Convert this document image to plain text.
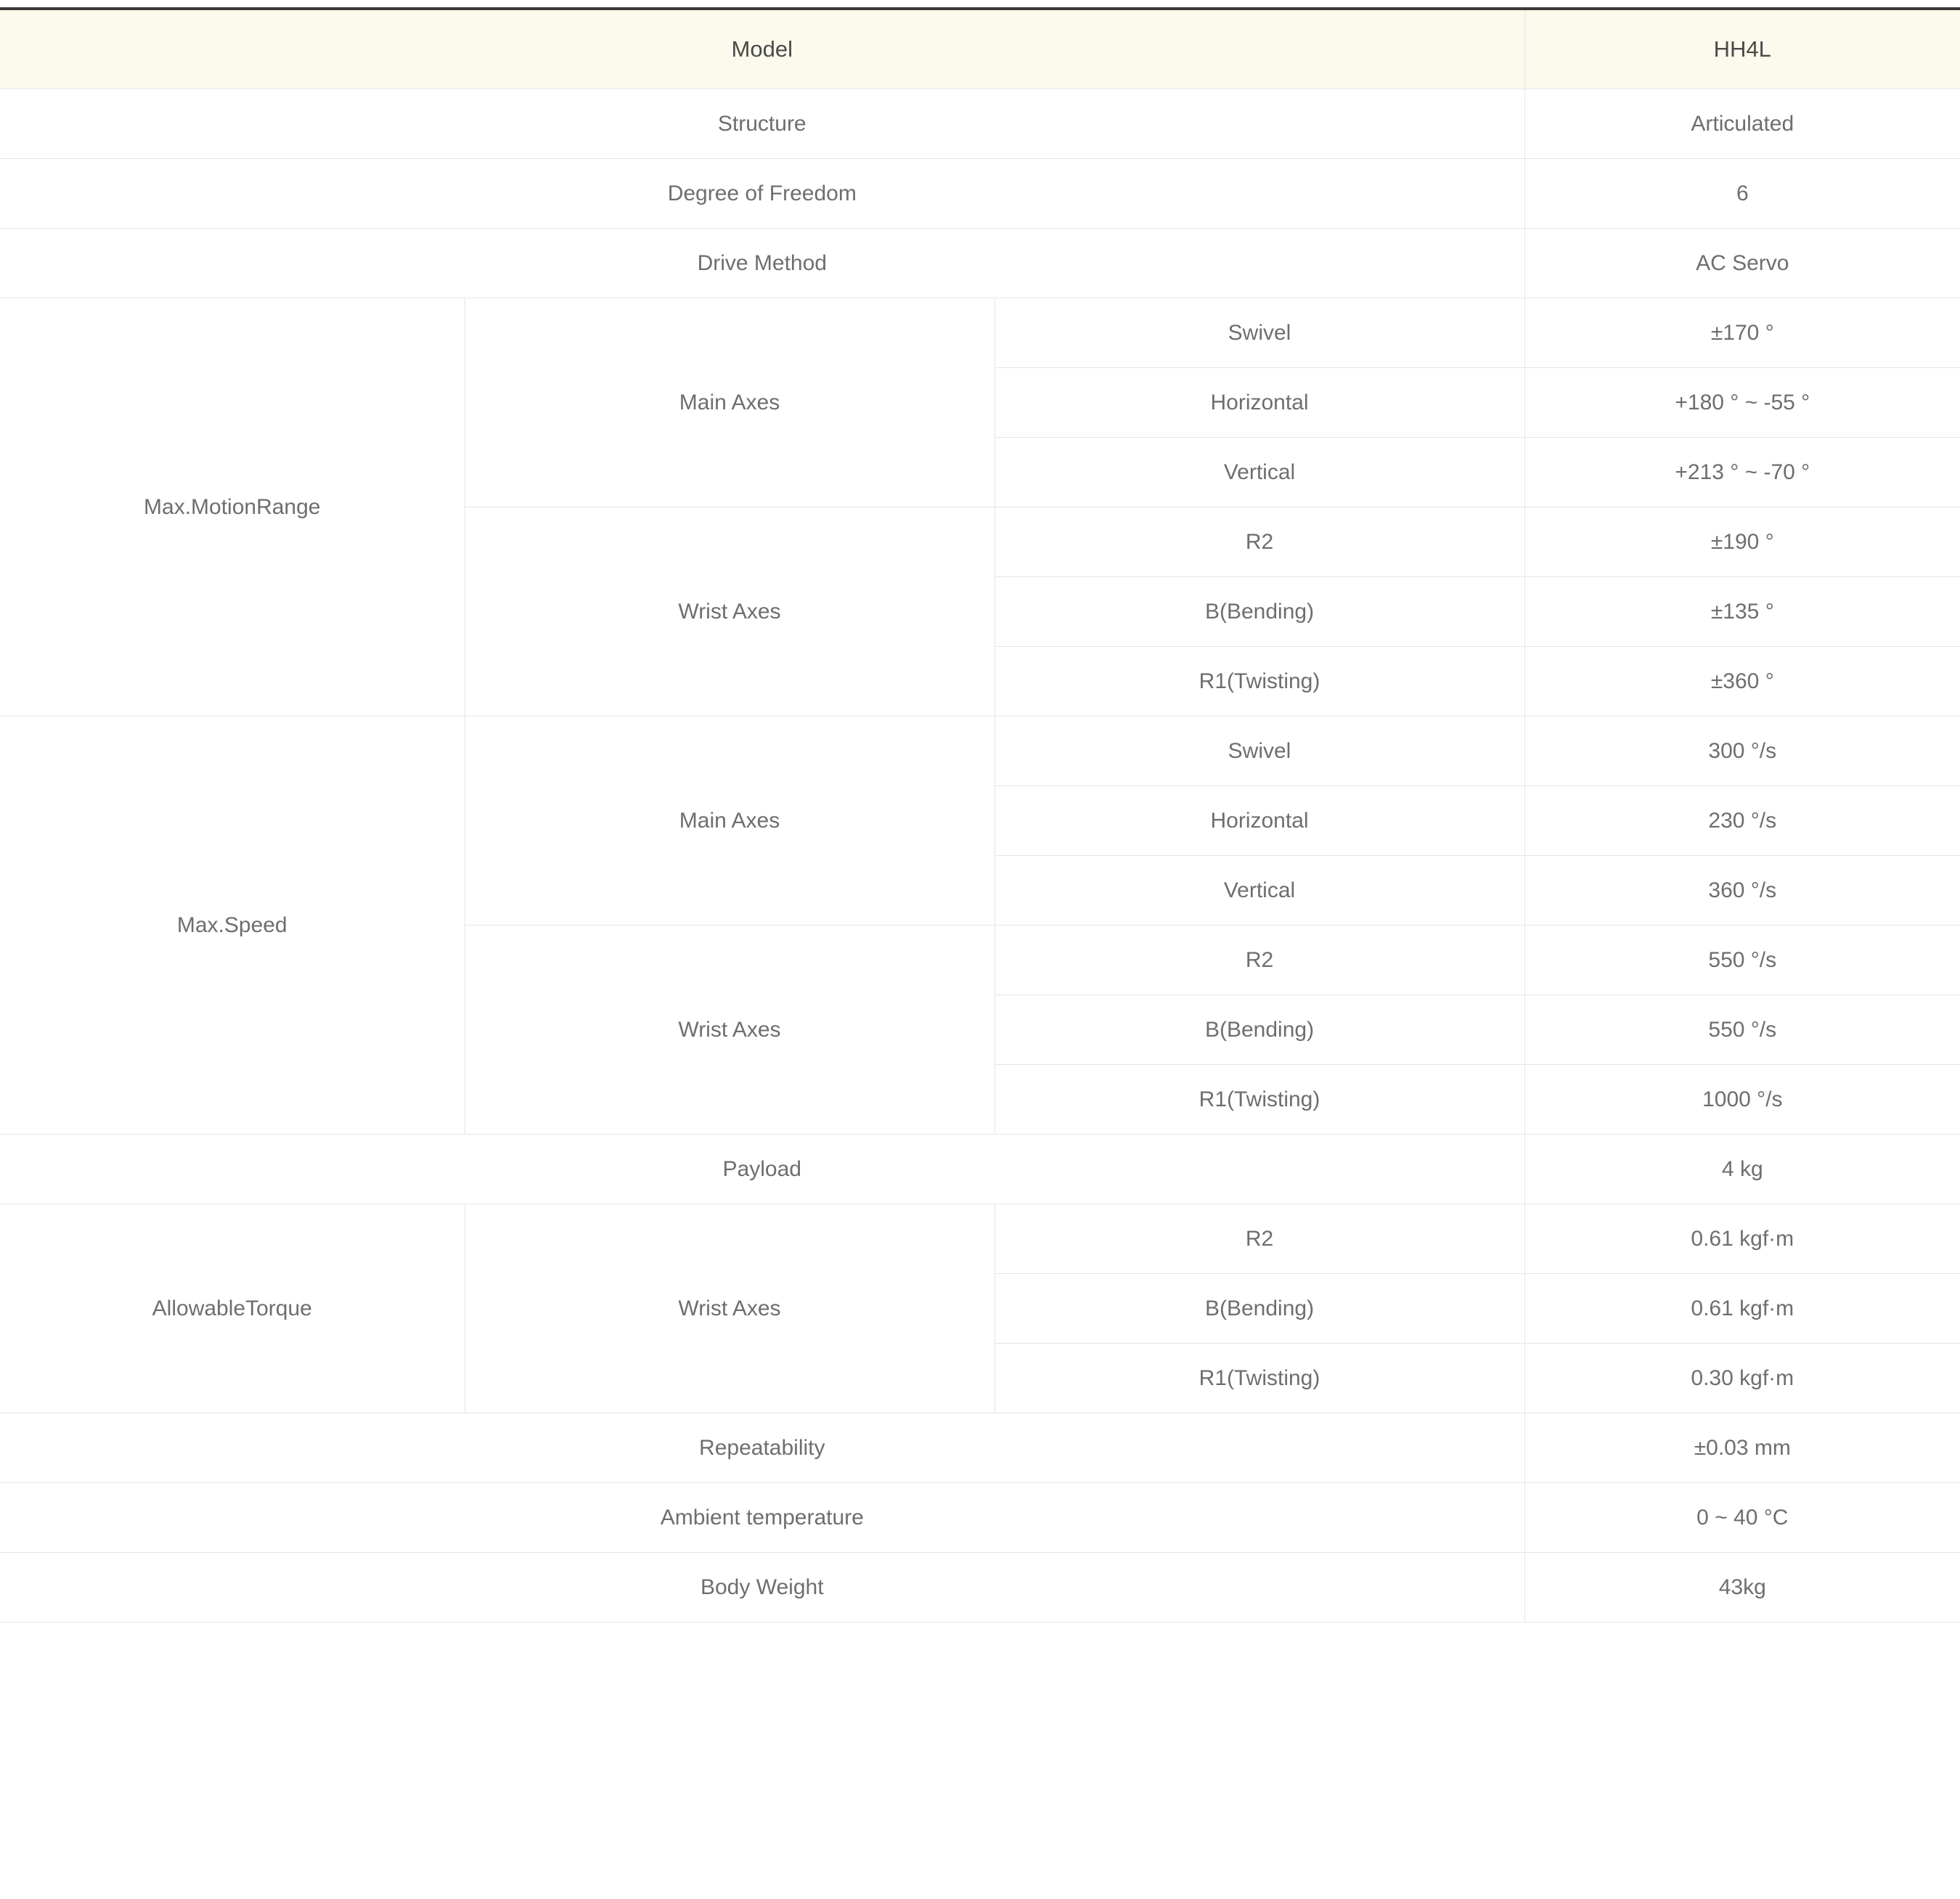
Model			HH4L
Structure			Articulated
Degree of Freedom			6
Drive Method			AC Servo
Max.MotionRange	Main Axes	Swivel	±170 °
		Horizontal	+180 ° ~ -55 °
		Vertical	+213 ° ~ -70 °
	Wrist Axes	R2	±190 °
		B(Bending)	±135 °
		R1(Twisting)	±360 °
Max.Speed	Main Axes	Swivel	300 °/s
		Horizontal	230 °/s
		Vertical	360 °/s
	Wrist Axes	R2	550 °/s
		B(Bending)	550 °/s
		R1(Twisting)	1000 °/s
Payload			4 kg
AllowableTorque	Wrist Axes	R2	0.61 kgf·m
		B(Bending)	0.61 kgf·m
		R1(Twisting)	0.30 kgf·m
Repeatability			±0.03 mm
Ambient temperature			0 ~ 40 °C
Body Weight			43kg
